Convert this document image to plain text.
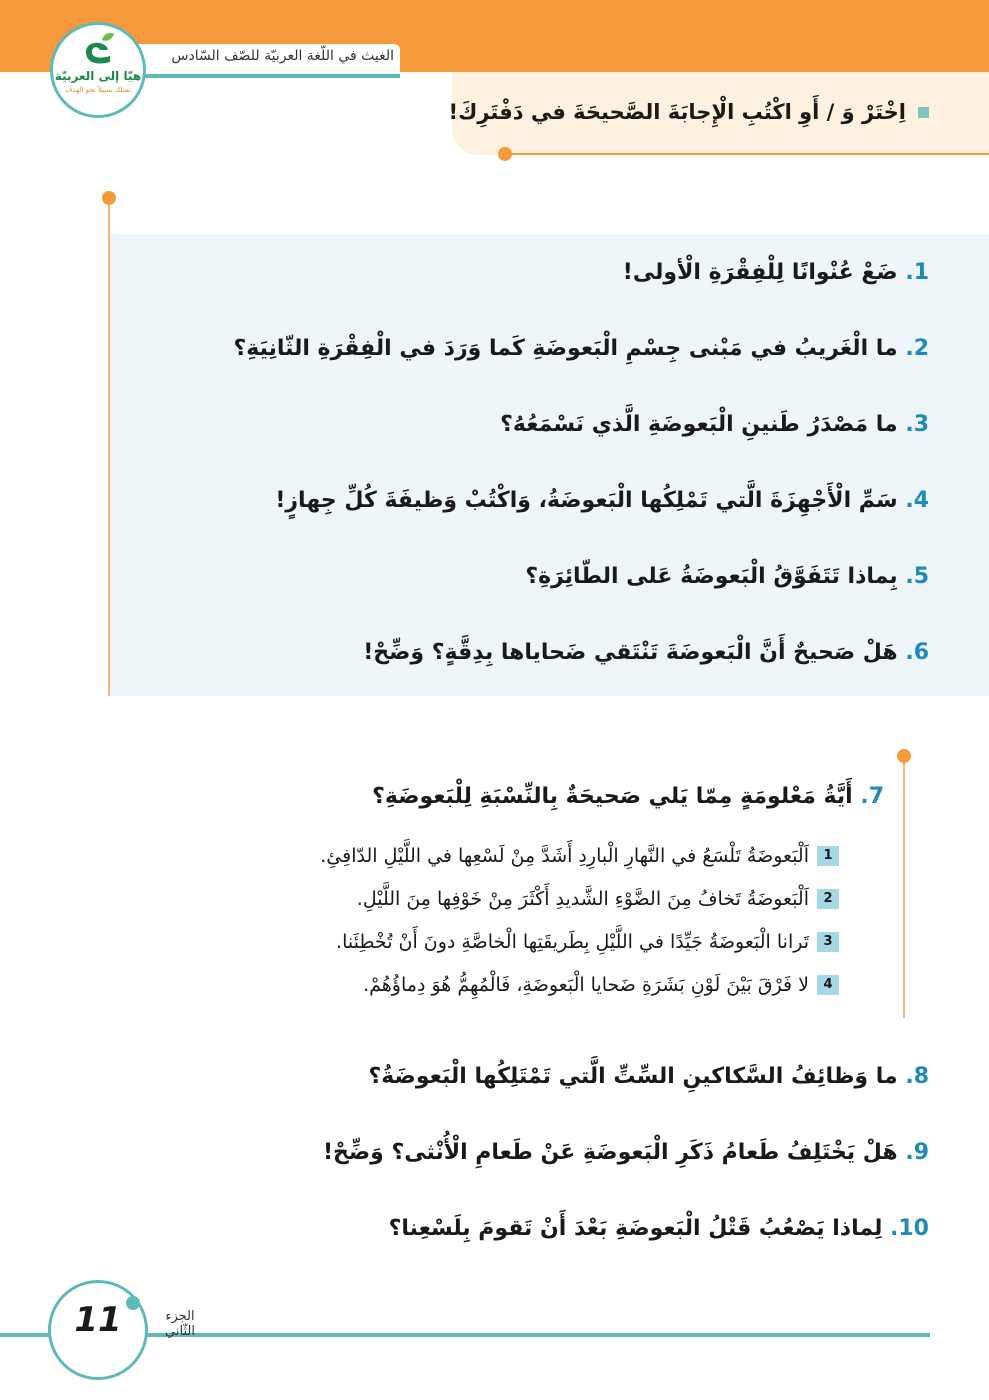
الغيث في اللّغة العربيّة للصّف السّادس
هيّا إلى العربيّة
نسلك سبيلاً نحو الهدف
اِخْتَرْ وَ / أَوِ اكْتُبِ الْإِجابَةَ الصَّحيحَةَ في دَفْتَرِكَ!
1. ضَعْ عُنْوانًا لِلْفِقْرَةِ الْأولى!
2. ما الْغَريبُ في مَبْنى جِسْمِ الْبَعوضَةِ كَما وَرَدَ في الْفِقْرَةِ الثّانِيَةِ؟
3. ما مَصْدَرُ طَنينِ الْبَعوضَةِ الَّذي نَسْمَعُهُ؟
4. سَمِّ الْأَجْهِزَةَ الَّتي تَمْلِكُها الْبَعوضَةُ، وَاكْتُبْ وَظيفَةَ كُلِّ جِهازٍ!
5. بِماذا تَتَفَوَّقُ الْبَعوضَةُ عَلى الطّائِرَةِ؟
6. هَلْ صَحيحٌ أَنَّ الْبَعوضَةَ تَنْتَقي ضَحاياها بِدِقَّةٍ؟ وَضِّحْ!
7. أَيَّةُ مَعْلومَةٍ مِمّا يَلي صَحيحَةٌ بِالنِّسْبَةِ لِلْبَعوضَةِ؟
1
اَلْبَعوضَةُ تَلْسَعُ في النَّهارِ الْبارِدِ أَشَدَّ مِنْ لَسْعِها في اللَّيْلِ الدّافِئِ.
2
اَلْبَعوضَةُ تَخافُ مِنَ الضَّوْءِ الشَّديدِ أَكْثَرَ مِنْ خَوْفِها مِنَ اللَّيْلِ.
3
تَرانا الْبَعوضَةُ جَيِّدًا في اللَّيْلِ بِطَريقَتِها الْخاصَّةِ دونَ أَنْ تُخْطِئَنا.
4
لا فَرْقَ بَيْنَ لَوْنِ بَشَرَةِ ضَحايا الْبَعوضَةِ، فَالْمُهِمُّ هُوَ دِماؤُهُمْ.
8. ما وَظائِفُ السَّكاكينِ السِّتِّ الَّتي تَمْتَلِكُها الْبَعوضَةُ؟
9. هَلْ يَخْتَلِفُ طَعامُ ذَكَرِ الْبَعوضَةِ عَنْ طَعامِ الْأُنْثى؟ وَضِّحْ!
10. لِماذا يَصْعُبُ قَتْلُ الْبَعوضَةِ بَعْدَ أَنْ تَقومَ بِلَسْعِنا؟
11	الجزء الثّاني
